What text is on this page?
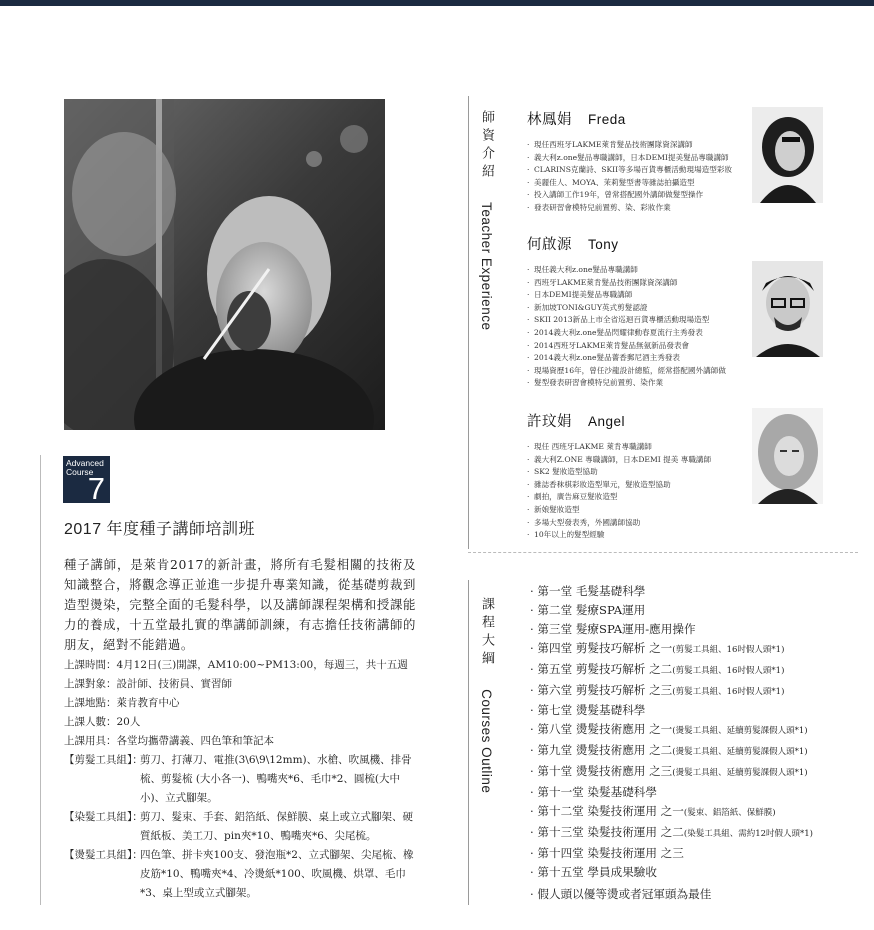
Advanced
Course
7
2017 年度種子講師培訓班
種子講師，是萊肯2017的新計畫，將所有毛髮相關的技術及知識整合，將觀念導正並進一步提升專業知識，從基礎剪裁到造型燙染，完整全面的毛髮科學，以及講師課程架構和授課能力的養成，十五堂最扎實的準講師訓練，有志擔任技術講師的朋友，絕對不能錯過。
上課時間： 4月12日(三)開課，AM10:00~PM13:00，每週三，共十五週
上課對象： 設計師、技術員、實習師
上課地點： 萊肯教育中心
上課人數： 20人
上課用具： 各堂均攜帶講義、四色筆和筆記本
【剪髮工具組】：
剪刀、打薄刀、電推(3\6\9\12mm)、水槍、吹風機、排骨梳、剪髮梳 (大小各一)、鴨嘴夾*6、毛巾*2、圓梳(大中小)、立式腳架。
【染髮工具組】：
剪刀、髮束、手套、鋁箔紙、保鮮膜、桌上或立式腳架、硬質紙板、美工刀、pin夾*10、鴨嘴夾*6、尖尾梳。
【燙髮工具組】：
四色筆、拼卡夾100支、發泡瓶*2、立式腳架、尖尾梳、橡皮筋*10、鴨嘴夾*4、冷燙紙*100、吹風機、烘罩、毛巾*3、桌上型或立式腳架。
師資介紹 Teacher Experience
課程大綱 Courses Outline
林鳳娟 Freda
· 現任西班牙LAKME萊肯髮品技術團隊資深講師
· 義大利z.one髮品專職講師，日本DEMI提美髮品專職講師
· CLARINS克蘭詩、SKII等多場百貨專櫃活動現場造型彩妝
· 美麗佳人、MOYA、茉莉髮型書等雜誌拍攝造型
· 投入講師工作19年，曾常搭配國外講師做髮型操作
· 發表研習會模特兒前置剪、染、彩妝作業
何啟源 Tony
· 現任義大利z.one髮品專職講師
· 西班牙LAKME萊肯髮品技術團隊資深講師
· 日本DEMI提美髮品專職講師
· 新加坡TONI&GUY英式剪髮認證
· SKII 2013新品上市全省巡迴百貨專櫃活動現場造型
· 2014義大利z.one髮品閃耀律動春夏流行主秀發表
· 2014西班牙LAKME萊肯髮品無氨新品發表會
· 2014義大利z.one髮品薔香郵尼酒主秀發表
· 現場資歷16年，曾任沙龍設計總監，經常搭配國外講師做
· 髮型發表研習會模特兒前置剪、染作業
許玟娟 Angel
· 現任 西班牙LAKME 萊肯專職講師
· 義大利Z.ONE 專職講師，日本DEMI 提美 專職講師
· SK2 髮妝造型協助
· 雜誌香秣棋彩妝造型單元，髮妝造型協助
· 劇拍，廣告麻豆髮妝造型
· 新娘髮妝造型
· 多場大型發表秀，外國講師協助
· 10年以上的髮型經驗
· 第一堂 毛髮基礎科學
· 第二堂 髮療SPA運用
· 第三堂 髮療SPA運用-應用操作
· 第四堂 剪髮技巧解析 之一(剪髮工具組、16吋假人頭*1)
· 第五堂 剪髮技巧解析 之二(剪髮工具組、16吋假人頭*1)
· 第六堂 剪髮技巧解析 之三(剪髮工具組、16吋假人頭*1)
· 第七堂 燙髮基礎科學
· 第八堂 燙髮技術應用 之一(燙髮工具組、延續剪髮課假人頭*1)
· 第九堂 燙髮技術應用 之二(燙髮工具組、延續剪髮課假人頭*1)
· 第十堂 燙髮技術應用 之三(燙髮工具組、延續剪髮課假人頭*1)
· 第十一堂 染髮基礎科學
· 第十二堂 染髮技術運用 之一(髮束、鋁箔紙、保鮮膜)
· 第十三堂 染髮技術運用 之二(染髮工具組、需約12吋假人頭*1)
· 第十四堂 染髮技術運用 之三
· 第十五堂 學員成果驗收
· 假人頭以優等燙或者冠軍頭為最佳
